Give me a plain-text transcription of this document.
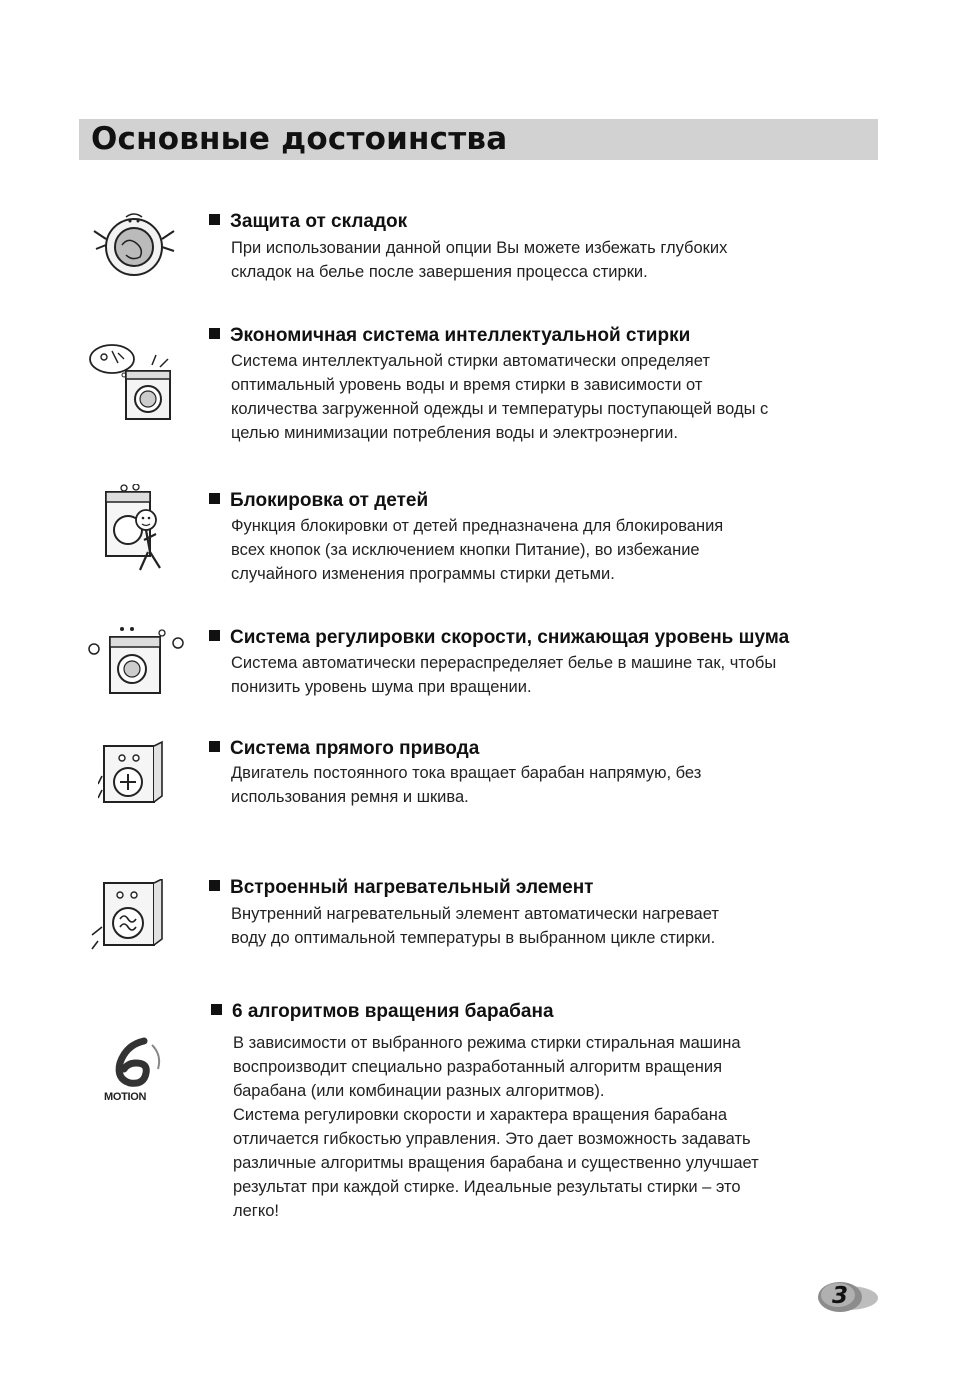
Основные достоинства
Защита от складок

При использовании данной опции Вы можете избежать глубоких

складок на белье после завершения процесса стирки.

Экономичная система интеллектуальной стирки

Система интеллектуальной стирки автоматически определяет

оптимальный уровень воды и время стирки в зависимости от

количества загруженной одежды и температуры поступающей воды с

целью минимизации потребления воды и электроэнергии.

Блокировка от детей

Функция блокировки от детей предназначена для блокирования

всех кнопок (за исключением кнопки Питание), во избежание

случайного изменения программы стирки детьми.

Система регулировки скорости, снижающая уровень шума

Система автоматически перераспределяет белье в машине так, чтобы

понизить уровень шума при вращении.

Система прямого привода

Двигатель постоянного тока вращает барабан напрямую, без

использования ремня и шкива.

Встроенный нагревательный элемент

Внутренний нагревательный элемент автоматически нагревает

воду до оптимальной температуры в выбранном цикле стирки.

MOTION
6 алгоритмов вращения барабана

В зависимости от выбранного режима стирки стиральная машина

воспроизводит специально разработанный алгоритм вращения

барабана (или комбинации разных алгоритмов).

Система регулировки скорости и характера вращения барабана

отличается гибкостью управления. Это дает возможность задавать

различные алгоритмы вращения барабана и существенно улучшает

результат при каждой стирке. Идеальные результаты стирки – это

легко!

3
